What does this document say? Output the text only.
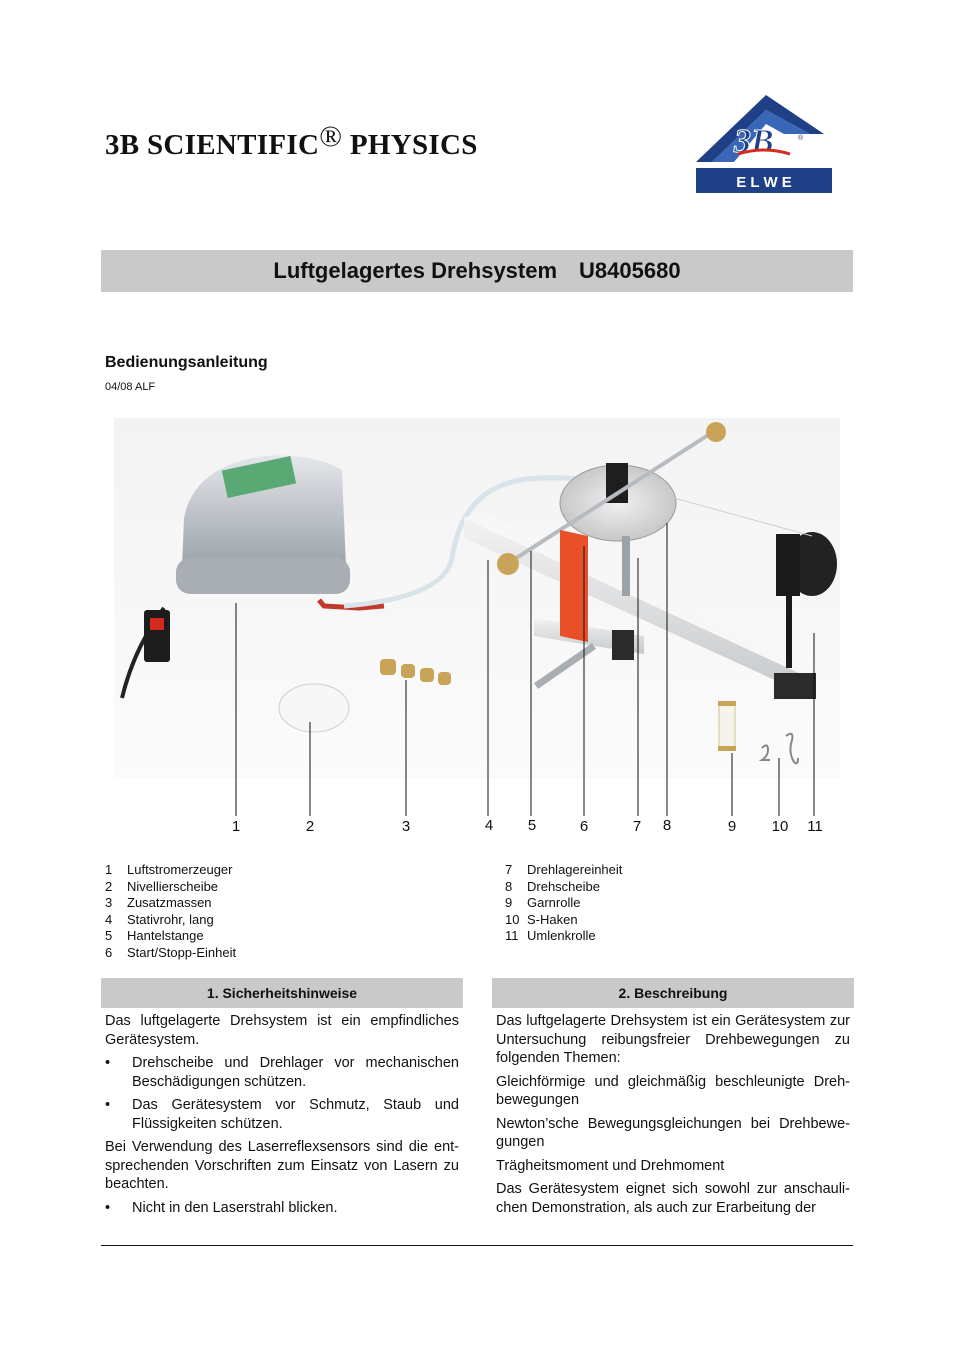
3B SCIENTIFIC® PHYSICS	3B	®
E L W E
Luftgelagertes Drehsystem U8405680
Bedienungsanleitung
04/08 ALF
1	2	3	4 5	6	7 8	9 10 11
1	Luftstromerzeuger
2	Nivellierscheibe
3	Zusatzmassen
4	Stativrohr, lang
5	Hantelstange
6	Start/Stopp-Einheit
7	Drehlagereinheit
8	Drehscheibe
9	Garnrolle
10 S-Haken
11 Umlenkrolle
1. Sicherheitshinweise	2. Beschreibung

Das luftgelagerte Drehsystem ist ein empfindliches Gerätesystem.

• Drehscheibe und Drehlager vor mechanischen Beschädigungen schützen.
• Das Gerätesystem vor Schmutz, Staub und Flüssigkeiten schützen.

Bei Verwendung des Laserreflexsensors sind die entsprechenden Vorschriften zum Einsatz von Lasern zu beachten.

• Nicht in den Laserstrahl blicken.

Das luftgelagerte Drehsystem ist ein Gerätesystem zur Untersuchung reibungsfreier Drehbewegungen zu folgenden Themen:

Gleichförmige und gleichmäßig beschleunigte Drehbewegungen

Newton’sche Bewegungsgleichungen bei Drehbewegungen

Trägheitsmoment und Drehmoment

Das Gerätesystem eignet sich sowohl zur anschaulichen Demonstration, als auch zur Erarbeitung der
